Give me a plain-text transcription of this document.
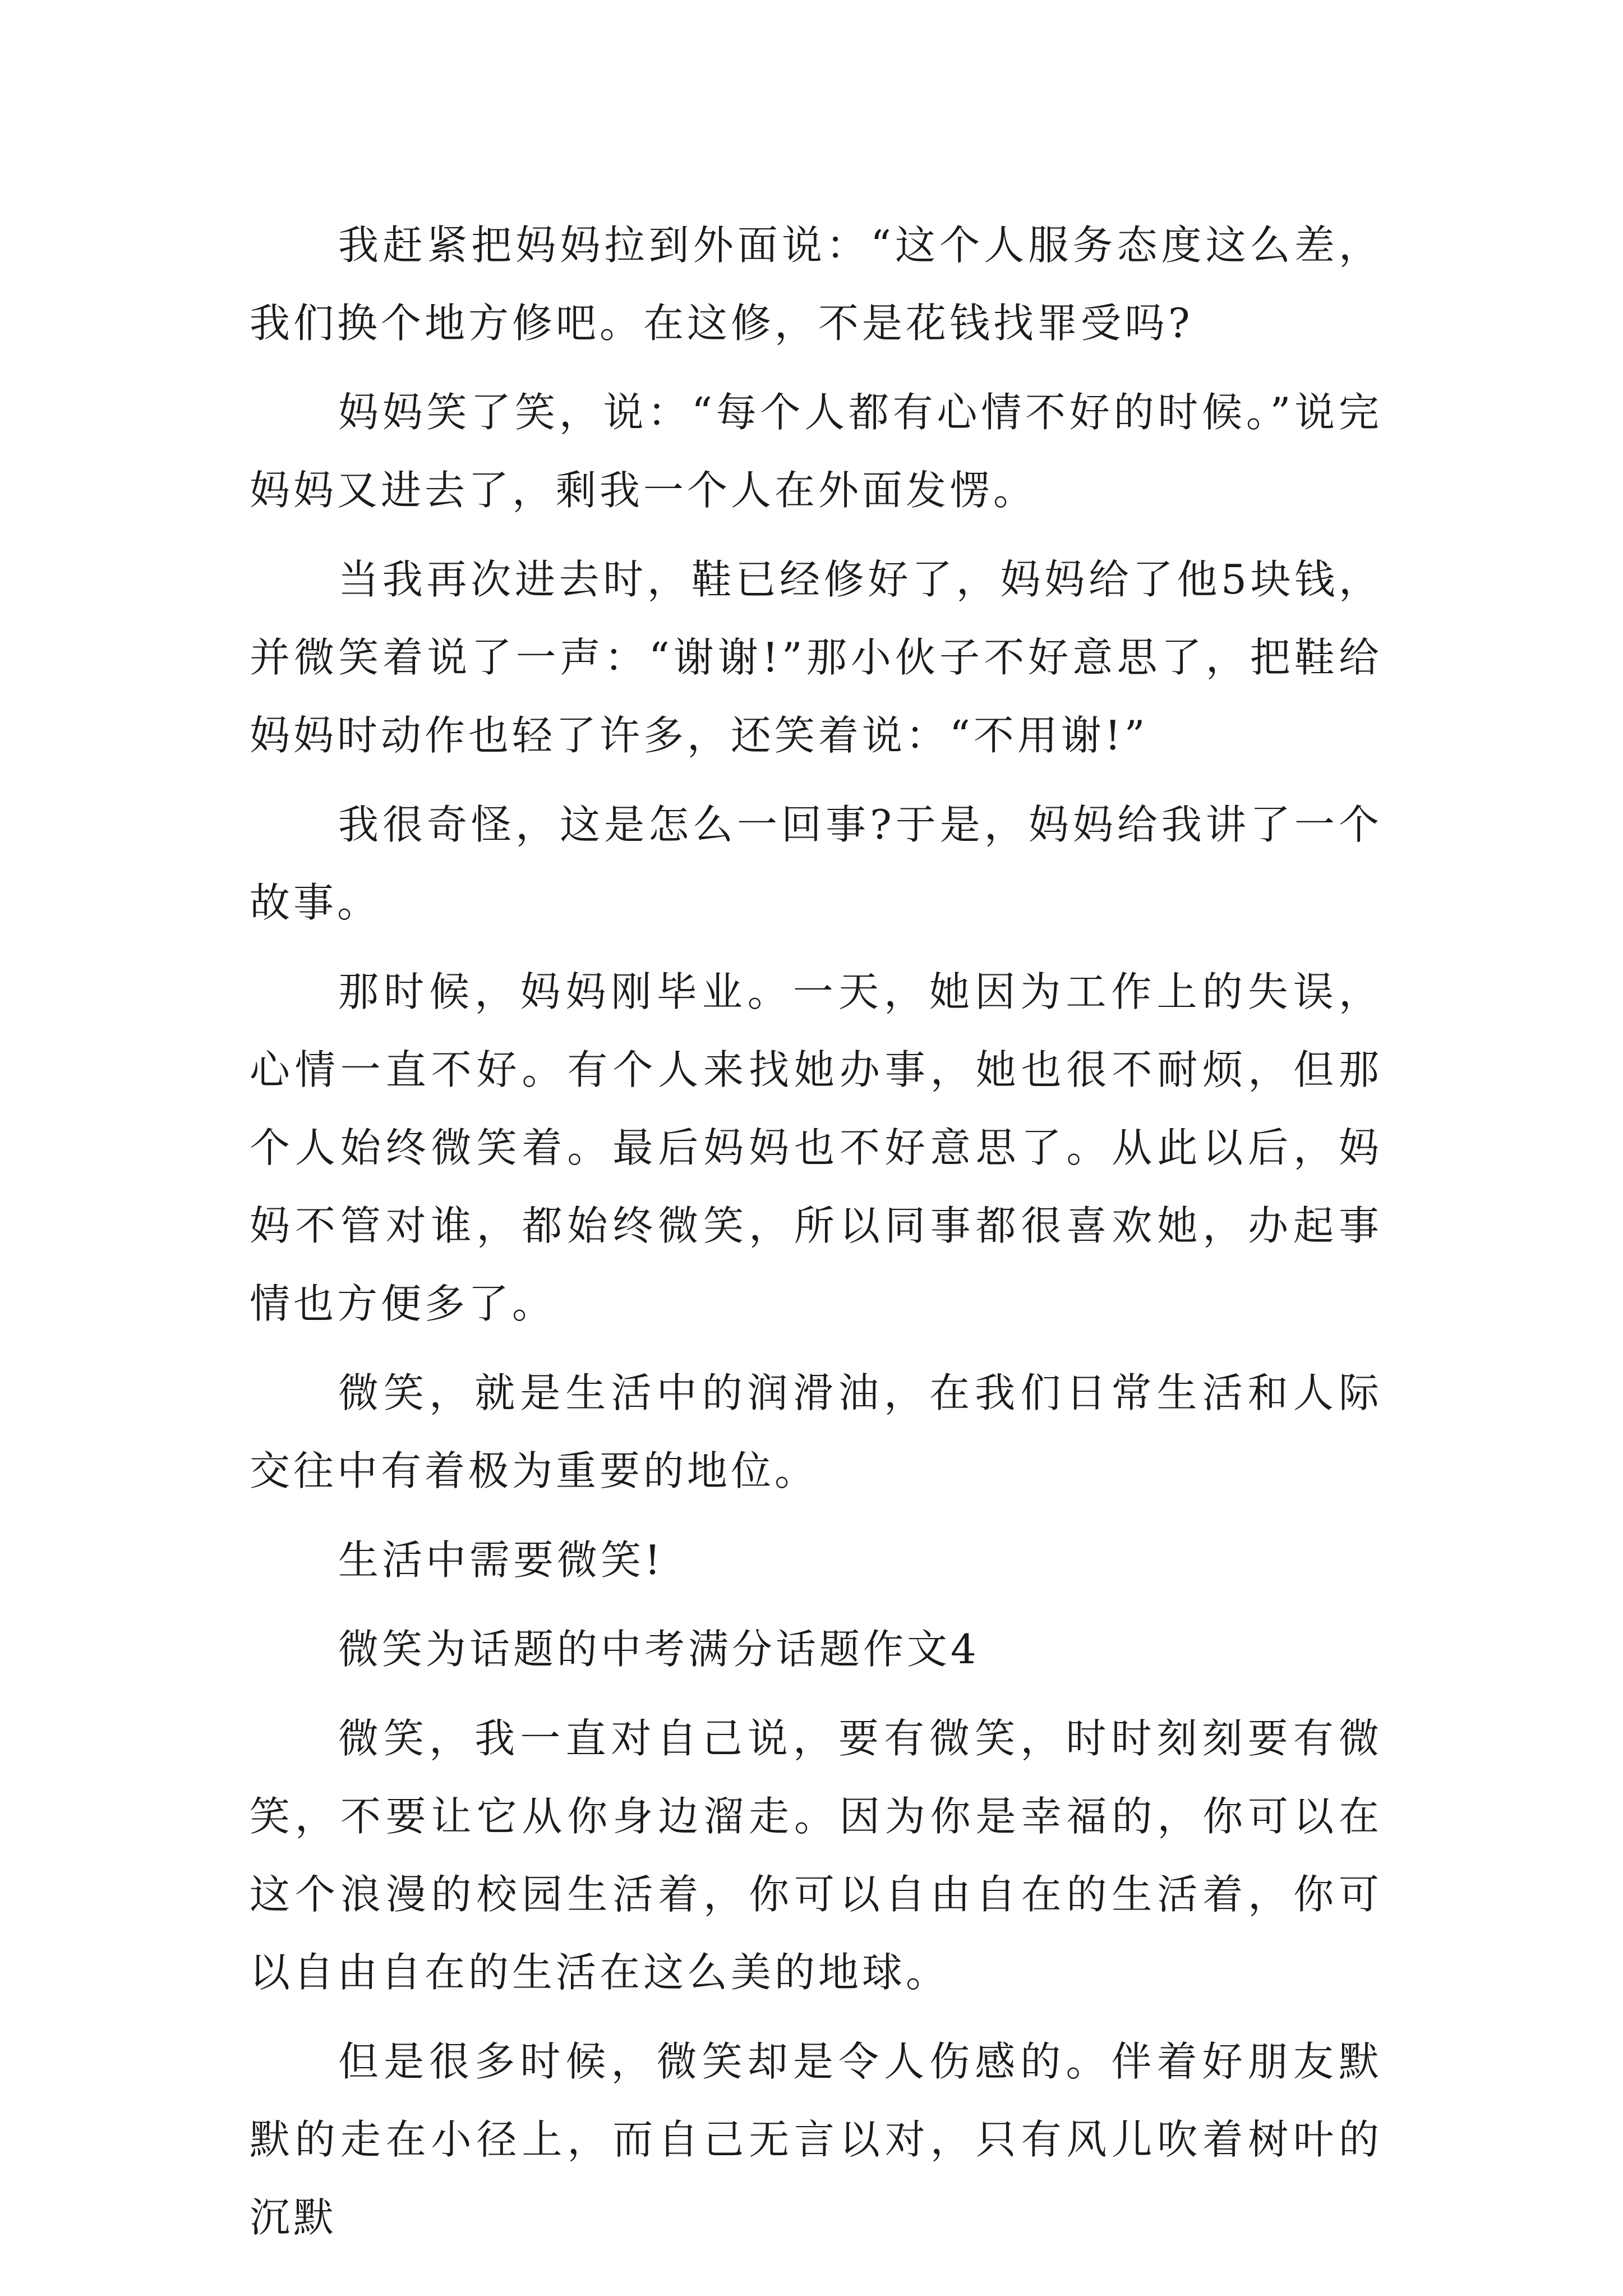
我赶紧把妈妈拉到外面说：“这个人服务态度这么差，我们换个地方修吧。在这修，不是花钱找罪受吗?

妈妈笑了笑，说：“每个人都有心情不好的时候。”说完妈妈又进去了，剩我一个人在外面发愣。

当我再次进去时，鞋已经修好了，妈妈给了他5块钱，并微笑着说了一声：“谢谢!”那小伙子不好意思了，把鞋给妈妈时动作也轻了许多，还笑着说：“不用谢!”

我很奇怪，这是怎么一回事?于是，妈妈给我讲了一个故事。

那时候，妈妈刚毕业。一天，她因为工作上的失误，心情一直不好。有个人来找她办事，她也很不耐烦，但那个人始终微笑着。最后妈妈也不好意思了。从此以后，妈妈不管对谁，都始终微笑，所以同事都很喜欢她，办起事情也方便多了。

微笑，就是生活中的润滑油，在我们日常生活和人际交往中有着极为重要的地位。

生活中需要微笑!

微笑为话题的中考满分话题作文4

微笑，我一直对自己说，要有微笑，时时刻刻要有微笑，不要让它从你身边溜走。因为你是幸福的，你可以在这个浪漫的校园生活着，你可以自由自在的生活着，你可以自由自在的生活在这么美的地球。

但是很多时候，微笑却是令人伤感的。伴着好朋友默默的走在小径上，而自己无言以对，只有风儿吹着树叶的沉默
